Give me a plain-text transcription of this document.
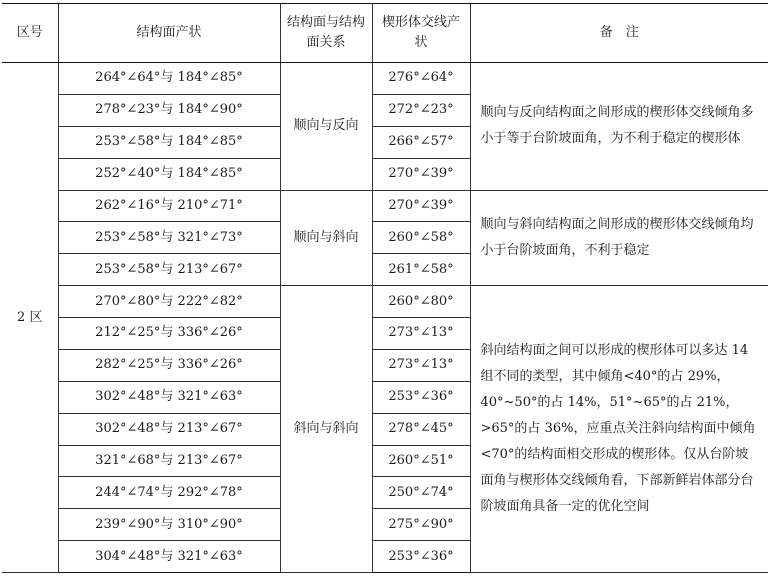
区号	结构面产状	结构面与结构面关系	楔形体交线产状	备　注
2 区	264°∠64°与 184°∠85°	顺向与反向	276°∠64°	顺向与反向结构面之间形成的楔形体交线倾角多小于等于台阶坡面角，为不利于稳定的楔形体
	278°∠23°与 184°∠90°		272°∠23°	
	253°∠58°与 184°∠85°		266°∠57°	
	252°∠40°与 184°∠85°		270°∠39°	
	262°∠16°与 210°∠71°	顺向与斜向	270°∠39°	顺向与斜向结构面之间形成的楔形体交线倾角均小于台阶坡面角，不利于稳定
	253°∠58°与 321°∠73°		260°∠58°	
	253°∠58°与 213°∠67°		261°∠58°	
	270°∠80°与 222°∠82°	斜向与斜向	260°∠80°	斜向结构面之间可以形成的楔形体可以多达 14 组不同的类型，其中倾角<40°的占 29%，40°~50°的占 14%，51°~65°的占 21%，>65°的占 36%，应重点关注斜向结构面中倾角<70°的结构面相交形成的楔形体。仅从台阶坡面角与楔形体交线倾角看，下部新鲜岩体部分台阶坡面角具备一定的优化空间
	212°∠25°与 336°∠26°		273°∠13°	
	282°∠25°与 336°∠26°		273°∠13°	
	302°∠48°与 321°∠63°		253°∠36°	
	302°∠48°与 213°∠67°		278°∠45°	
	321°∠68°与 213°∠67°		260°∠51°	
	244°∠74°与 292°∠78°		250°∠74°	
	239°∠90°与 310°∠90°		275°∠90°	
	304°∠48°与 321°∠63°		253°∠36°	
